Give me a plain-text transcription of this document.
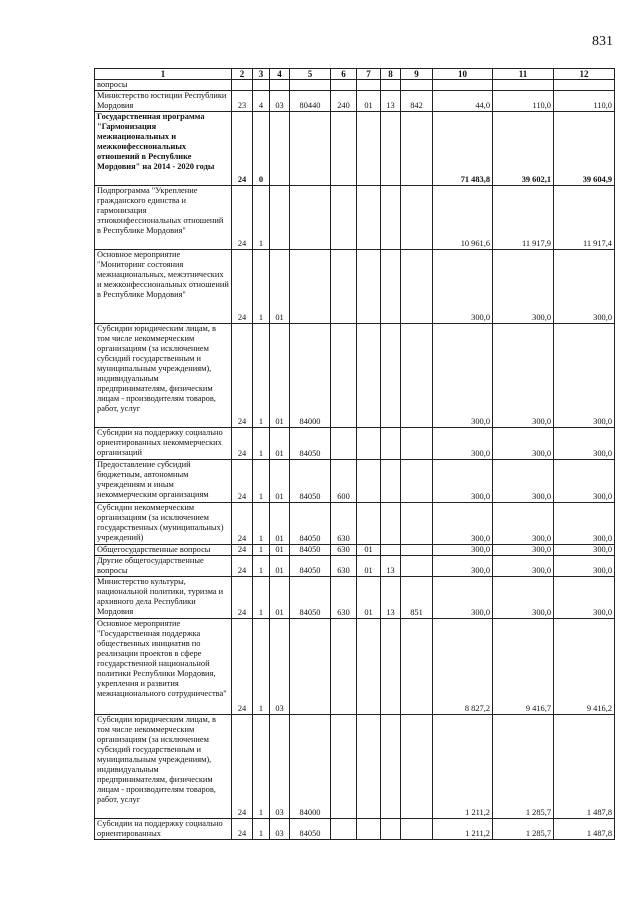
831
1	2	3	4	5	6	7	8	9	10	11	12
вопросы											
Министерство юстиции Республики Мордовия	23	4	03	80440	240	01	13	842	44,0	110,0	110,0
Государственная программа "Гармонизация межнациональных и межконфессиональных отношений в Республике Мордовия" на 2014 - 2020 годы	24	0							71 483,8	39 602,1	39 604,9
Подпрограмма "Укрепление гражданского единства и гармонизация этноконфессиональных отношений в Республике Мордовия"	24	1							10 961,6	11 917,9	11 917,4
Основное мероприятие "Мониторинг состояния межнациональных, межэтнических и межконфессиональных отношений в Республике Мордовия"	24	1	01						300,0	300,0	300,0
Субсидии юридическим лицам, в том числе некоммерческим организациям (за исключением субсидий государственным и муниципальным учреждениям), индивидуальным предпринимателям, физическим лицам - производителям товаров, работ, услуг	24	1	01	84000					300,0	300,0	300,0
Субсидии на поддержку социально ориентированных некоммерческих организаций	24	1	01	84050					300,0	300,0	300,0
Предоставление субсидий бюджетным, автономным учреждениям и иным некоммерческим организациям	24	1	01	84050	600				300,0	300,0	300,0
Субсидии некоммерческим организациям (за исключением государственных (муниципальных) учреждений)	24	1	01	84050	630				300,0	300,0	300,0
Общегосударственные вопросы	24	1	01	84050	630	01			300,0	300,0	300,0
Другие общегосударственные вопросы	24	1	01	84050	630	01	13		300,0	300,0	300,0
Министерство культуры, национальной политики, туризма и архивного дела Республики Мордовия	24	1	01	84050	630	01	13	851	300,0	300,0	300,0
Основное мероприятие "Государственная поддержка общественных инициатив по реализации проектов в сфере государственной национальной политики Республики Мордовия, укрепления и развития межнационального сотрудничества"	24	1	03						8 827,2	9 416,7	9 416,2
Субсидии юридическим лицам, в том числе некоммерческим организациям (за исключением субсидий государственным и муниципальным учреждениям), индивидуальным предпринимателям, физическим лицам - производителям товаров, работ, услуг	24	1	03	84000					1 211,2	1 285,7	1 487,8
Субсидии на поддержку социально ориентированных	24	1	03	84050					1 211,2	1 285,7	1 487,8
